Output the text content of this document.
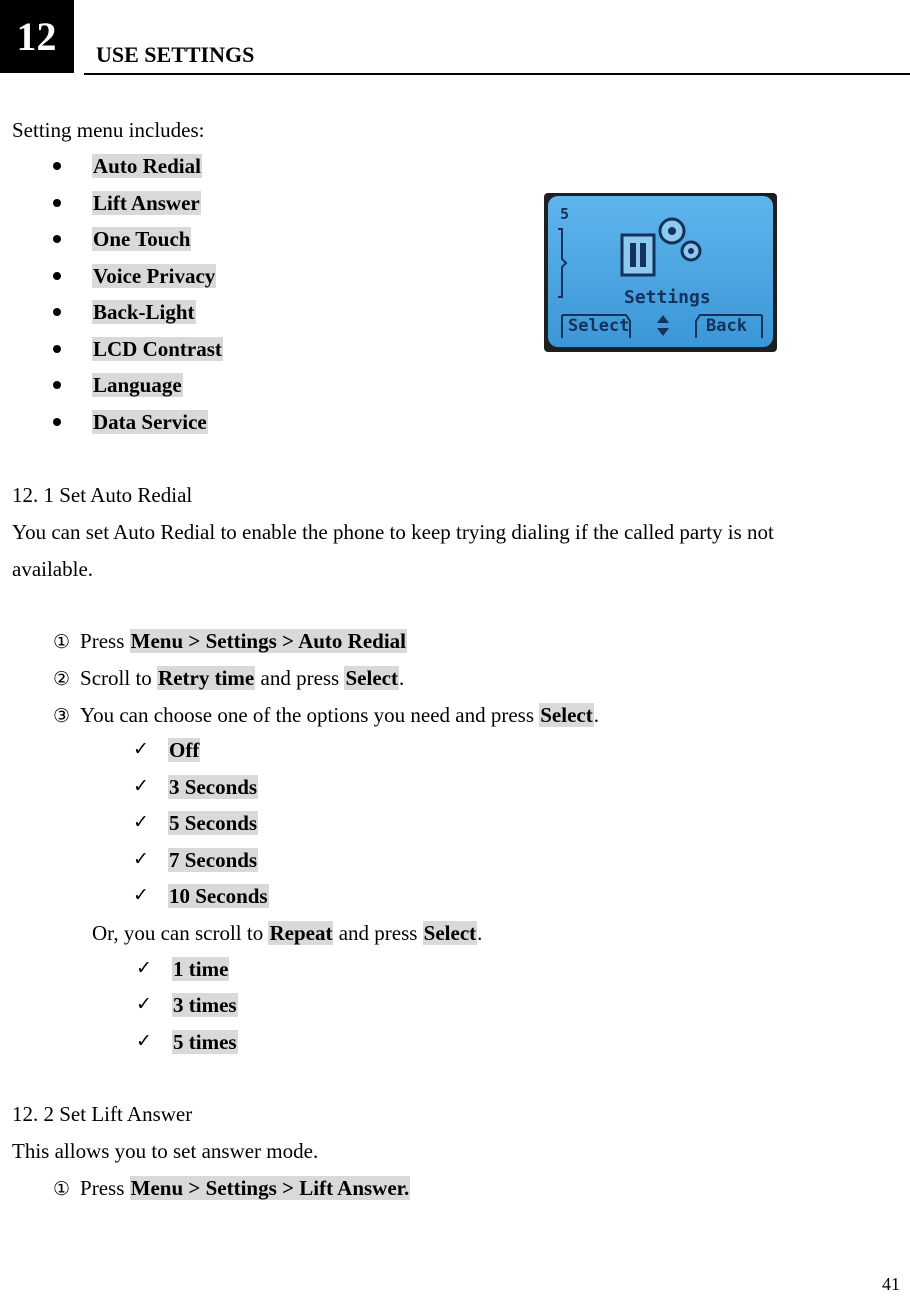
12	USE SETTINGS
Setting menu includes:
Auto Redial
Lift Answer
One Touch
Voice Privacy
Back-Light
LCD Contrast
Language
Data Service
5
Settings
Select	Back
12. 1 Set Auto Redial
You can set Auto Redial to enable the phone to keep trying dialing if the called party is not
available.
① Press Menu > Settings > Auto Redial
② Scroll to Retry time and press Select.
③ You can choose one of the options you need and press Select.
✓ Off
✓ 3 Seconds
✓ 5 Seconds
✓ 7 Seconds
✓ 10 Seconds
Or, you can scroll to Repeat and press Select.
✓ 1 time
✓ 3 times
✓ 5 times
12. 2 Set Lift Answer
This allows you to set answer mode.
① Press Menu > Settings > Lift Answer.
41
